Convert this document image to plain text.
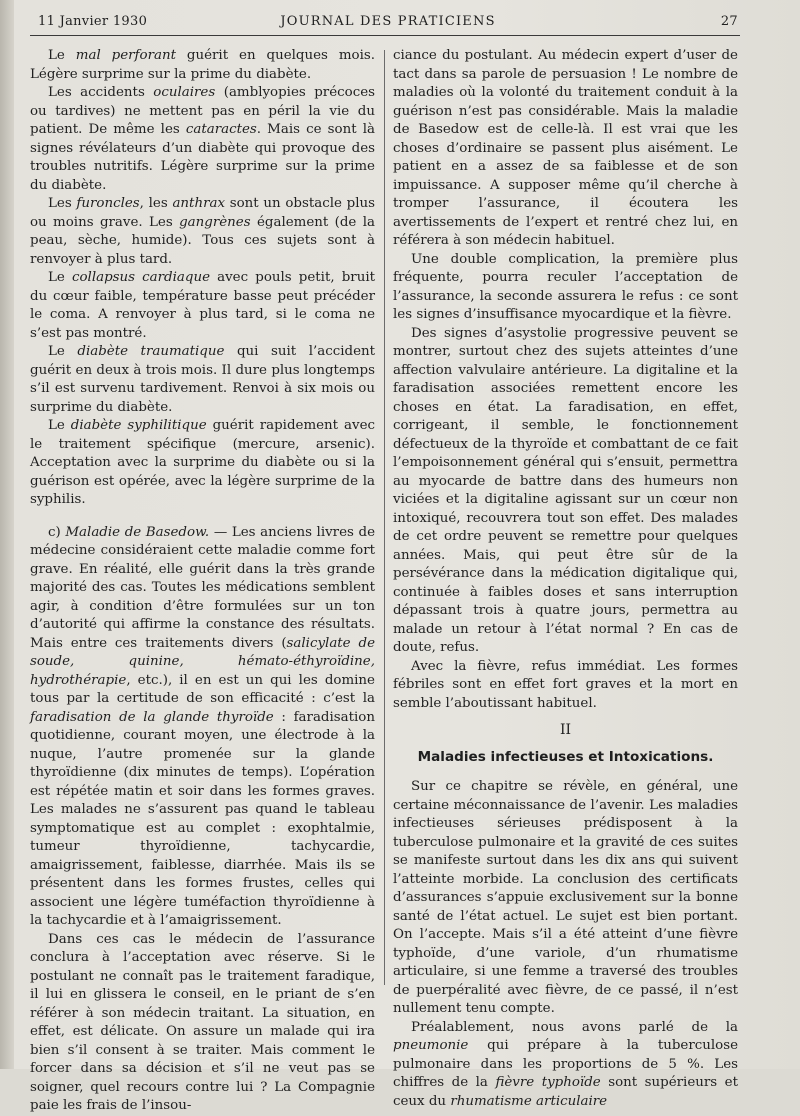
11 Janvier 1930	JOURNAL DES PRATICIENS	27

Le mal perforant guérit en quelques mois. Légère surprime sur la prime du diabète.

Les accidents oculaires (amblyopies précoces ou tardives) ne mettent pas en péril la vie du patient. De même les cataractes. Mais ce sont là signes révélateurs d’un diabète qui provoque des troubles nutritifs. Légère surprime sur la prime du diabète.

Les furoncles, les anthrax sont un obstacle plus ou moins grave. Les gangrènes également (de la peau, sèche, humide). Tous ces sujets sont à renvoyer à plus tard.

Le collapsus cardiaque avec pouls petit, bruit du cœur faible, température basse peut précéder le coma. A renvoyer à plus tard, si le coma ne s’est pas montré.

Le diabète traumatique qui suit l’accident guérit en deux à trois mois. Il dure plus longtemps s’il est survenu tardivement. Renvoi à six mois ou surprime du diabète.

Le diabète syphilitique guérit rapidement avec le traitement spécifique (mercure, arsenic). Acceptation avec la surprime du diabète ou si la guérison est opérée, avec la légère surprime de la syphilis.

c) Maladie de Basedow. — Les anciens livres de médecine considéraient cette maladie comme fort grave. En réalité, elle guérit dans la très grande majorité des cas. Toutes les médications semblent agir, à condition d’être formulées sur un ton d’autorité qui affirme la constance des résultats. Mais entre ces traitements divers (salicylate de soude, quinine, hémato-éthyroïdine, hydrothérapie, etc.), il en est un qui les domine tous par la certitude de son efficacité : c’est la faradisation de la glande thyroïde : faradisation quotidienne, courant moyen, une électrode à la nuque, l’autre promenée sur la glande thyroïdienne (dix minutes de temps). L’opération est répétée matin et soir dans les formes graves. Les malades ne s’assurent pas quand le tableau symptomatique est au complet : exophtalmie, tumeur thyroïdienne, tachycardie, amaigrissement, faiblesse, diarrhée. Mais ils se présentent dans les formes frustes, celles qui associent une légère tuméfaction thyroïdienne à la tachycardie et à l’amaigrissement.

Dans ces cas le médecin de l’assurance conclura à l’acceptation avec réserve. Si le postulant ne connaît pas le traitement faradique, il lui en glissera le conseil, en le priant de s’en référer à son médecin traitant. La situation, en effet, est délicate. On assure un malade qui ira bien s’il consent à se traiter. Mais comment le forcer dans sa décision et s’il ne veut pas se soigner, quel recours contre lui ? La Compagnie paie les frais de l’insou-

ciance du postulant. Au médecin expert d’user de tact dans sa parole de persuasion ! Le nombre de maladies où la volonté du traitement conduit à la guérison n’est pas considérable. Mais la maladie de Basedow est de celle-là. Il est vrai que les choses d’ordinaire se passent plus aisément. Le patient en a assez de sa faiblesse et de son impuissance. A supposer même qu’il cherche à tromper l’assurance, il écoutera les avertissements de l’expert et rentré chez lui, en référera à son médecin habituel.

Une double complication, la première plus fréquente, pourra reculer l’acceptation de l’assurance, la seconde assurera le refus : ce sont les signes d’insuffisance myocardique et la fièvre.

Des signes d’asystolie progressive peuvent se montrer, surtout chez des sujets atteintes d’une affection valvulaire antérieure. La digitaline et la faradisation associées remettent encore les choses en état. La faradisation, en effet, corrigeant, il semble, le fonctionnement défectueux de la thyroïde et combattant de ce fait l’empoisonnement général qui s’ensuit, permettra au myocarde de battre dans des humeurs non viciées et la digitaline agissant sur un cœur non intoxiqué, recouvrera tout son effet. Des malades de cet ordre peuvent se remettre pour quelques années. Mais, qui peut être sûr de la persévérance dans la médication digitalique qui, continuée à faibles doses et sans interruption dépassant trois à quatre jours, permettra au malade un retour à l’état normal ? En cas de doute, refus.

Avec la fièvre, refus immédiat. Les formes fébriles sont en effet fort graves et la mort en semble l’aboutissant habituel.

II

Maladies infectieuses et Intoxications.

Sur ce chapitre se révèle, en général, une certaine méconnaissance de l’avenir. Les maladies infectieuses sérieuses prédisposent à la tuberculose pulmonaire et la gravité de ces suites se manifeste surtout dans les dix ans qui suivent l’atteinte morbide. La conclusion des certificats d’assurances s’appuie exclusivement sur la bonne santé de l’état actuel. Le sujet est bien portant. On l’accepte. Mais s’il a été atteint d’une fièvre typhoïde, d’une variole, d’un rhumatisme articulaire, si une femme a traversé des troubles de puerpéralité avec fièvre, de ce passé, il n’est nullement tenu compte.

Préalablement, nous avons parlé de la pneumonie qui prépare à la tuberculose pulmonaire dans les proportions de 5 %. Les chiffres de la fièvre typhoïde sont supérieurs et ceux du rhumatisme articulaire
